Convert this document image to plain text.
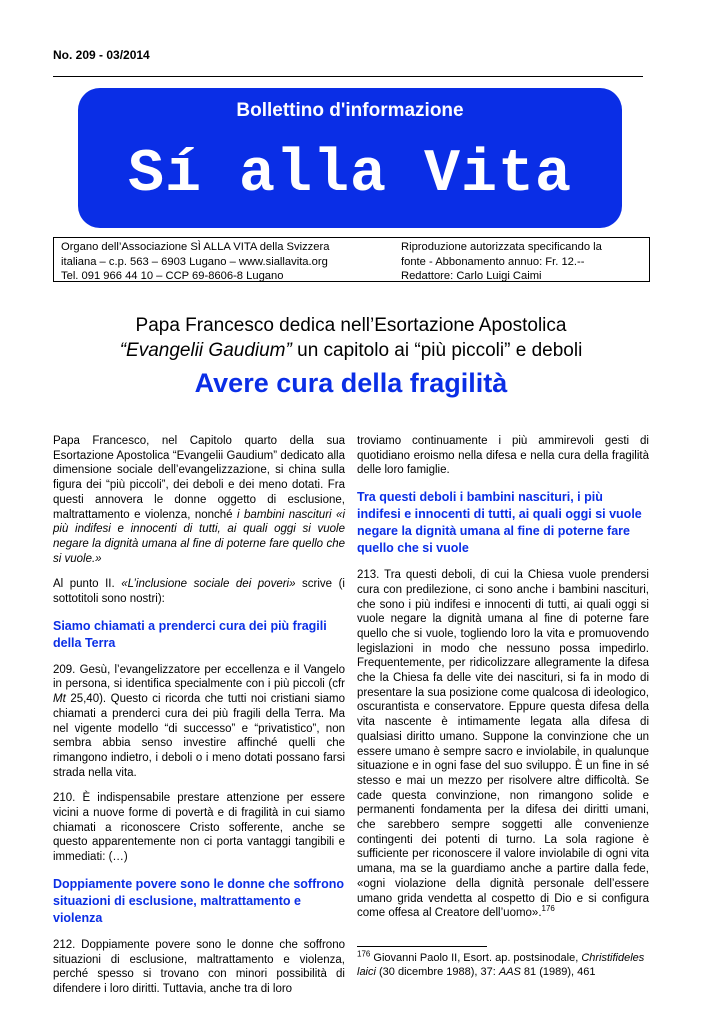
No. 209 - 03/2014
Bollettino d'informazione
Sí alla Vita
Organo dell’Associazione SÌ ALLA VITA della Svizzera
italiana – c.p. 563 – 6903 Lugano – www.siallavita.org
Tel. 091 966 44 10 – CCP 69-8606-8 Lugano
Riproduzione autorizzata specificando la
fonte - Abbonamento annuo: Fr. 12.--
Redattore: Carlo Luigi Caimi
Papa Francesco dedica nell’Esortazione Apostolica
“Evangelii Gaudium” un capitolo ai “più piccoli” e deboli
Avere cura della fragilità

Papa Francesco, nel Capitolo quarto della sua Esortazione Apostolica “Evangelii Gaudium” dedicato alla dimensione sociale dell’evangelizzazione, si china sulla figura dei “più piccoli”, dei deboli e dei meno dotati. Fra questi annovera le donne oggetto di esclusione, maltrattamento e violenza, nonché i bambini nascituri «i più indifesi e innocenti di tutti, ai quali oggi si vuole negare la dignità umana al fine di poterne fare quello che si vuole.»

Al punto II. «L’inclusione sociale dei poveri» scrive (i sottotitoli sono nostri):

Siamo chiamati a prenderci cura dei più fragili della Terra

209. Gesù, l’evangelizzatore per eccellenza e il Vangelo in persona, si identifica specialmente con i più piccoli (cfr Mt 25,40). Questo ci ricorda che tutti noi cristiani siamo chiamati a prenderci cura dei più fragili della Terra. Ma nel vigente modello “di successo” e “privatistico”, non sembra abbia senso investire affinché quelli che rimangono indietro, i deboli o i meno dotati possano farsi strada nella vita.

210. È indispensabile prestare attenzione per essere vicini a nuove forme di povertà e di fragilità in cui siamo chiamati a riconoscere Cristo sofferente, anche se questo apparentemente non ci porta vantaggi tangibili e immediati: (…)

Doppiamente povere sono le donne che soffrono situazioni di esclusione, maltrattamento e violenza

212. Doppiamente povere sono le donne che soffrono situazioni di esclusione, maltrattamento e violenza, perché spesso si trovano con minori possibilità di difendere i loro diritti. Tuttavia, anche tra di loro

troviamo continuamente i più ammirevoli gesti di quotidiano eroismo nella difesa e nella cura della fragilità delle loro famiglie.

Tra questi deboli i bambini nascituri, i più indifesi e innocenti di tutti, ai quali oggi si vuole negare la dignità umana al fine di poterne fare quello che si vuole

213. Tra questi deboli, di cui la Chiesa vuole prendersi cura con predilezione, ci sono anche i bambini nascituri, che sono i più indifesi e innocenti di tutti, ai quali oggi si vuole negare la dignità umana al fine di poterne fare quello che si vuole, togliendo loro la vita e promuovendo legislazioni in modo che nessuno possa impedirlo. Frequentemente, per ridicolizzare allegramente la difesa che la Chiesa fa delle vite dei nascituri, si fa in modo di presentare la sua posizione come qualcosa di ideologico, oscurantista e conservatore. Eppure questa difesa della vita nascente è intimamente legata alla difesa di qualsiasi diritto umano. Suppone la convinzione che un essere umano è sempre sacro e inviolabile, in qualunque situazione e in ogni fase del suo sviluppo. È un fine in sé stesso e mai un mezzo per risolvere altre difficoltà. Se cade questa convinzione, non rimangono solide e permanenti fondamenta per la difesa dei diritti umani, che sarebbero sempre soggetti alle convenienze contingenti dei potenti di turno. La sola ragione è sufficiente per riconoscere il valore inviolabile di ogni vita umana, ma se la guardiamo anche a partire dalla fede, «ogni violazione della dignità personale dell’essere umano grida vendetta al cospetto di Dio e si configura come offesa al Creatore dell’uomo».$^{176}$

$^{176}$ Giovanni Paolo II, Esort. ap. postsinodale, Christifideles laici (30 dicembre 1988), 37: AAS 81 (1989), 461
